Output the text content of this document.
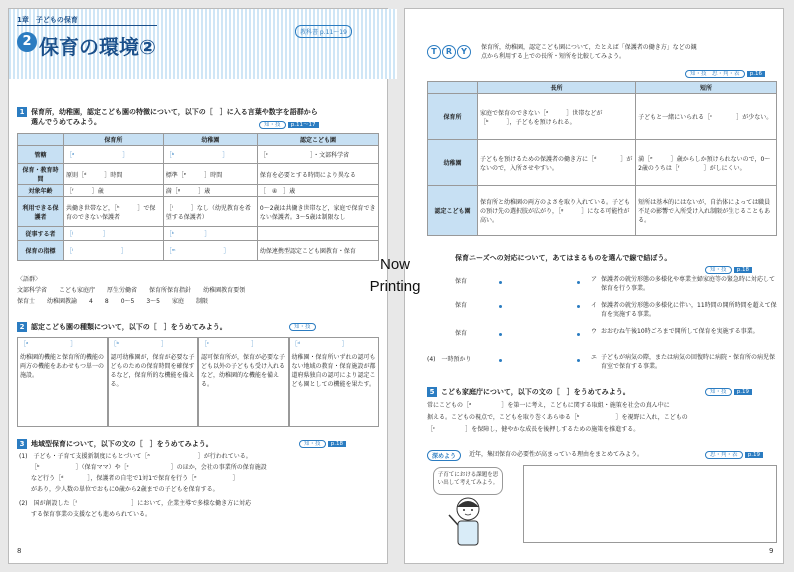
1章　子どもの保育
2 保育の環境②
教科書 p.11～19
1 保育所，幼稚園，認定こども園の特徴について，以下の［　］に入る言葉や数字を語群から
選んでうめてみよう。	知・技 p.11～17
	保育所	幼稚園	認定こども園
管轄	［ᵃ　　　　　　　　］	［ᵇ　　　　　　　　］	［ᶜ　　　　　　　］・文部科学省
保育・教育時間	原則［ᵈ　　　］時間	標準［ᵉ　　　］時間	保育を必要とする時間により異なる
対象年齢	［ᶠ　　　］歳	満［ᵍ　　　］歳	［　④　］歳
利用できる保護者	共働き世帯など，［ʰ　　　］で保育のできない保護者	［ⁱ　　　］なし（幼児教育を希望する保護者）	0～2歳は共働き世帯など，家庭で保育できない保護者。3～5歳は制限なし
従事する者	［ʲ　　　　　］	［ᵏ　　　　　］	
保育の指標	［ˡ　　　　　　　　］	［ᵐ　　　　　　　　］	幼保連携型認定こども園教育・保育
〈語群〉
文部科学省 こども家庭庁 厚生労働省 保育所保育指針 幼稚園教育要領
保育士 幼稚園教諭 4 8 0～5 3～5 家庭 制限
2 認定こども園の種類について，以下の［　］をうめてみよう。	知・技
［ᵃ　　　　　　　］
幼稚園的機能と保育所的機能の両方の機能をあわせもつ単一の施設。
［ᵇ　　　　　　　］
認可幼稚園が，保育が必要な子どものための保育時間を確保するなど，保育所的な機能を備える。
［ᶜ　　　　　　　］
認可保育所が，保育が必要な子ども以外の子どもも受け入れるなど，幼稚園的な機能を備える。
［ᵈ　　　　　　　］
幼稚園・保育所いずれの認可もない地域の教育・保育施設が都道府県独自の認可により認定こども園としての機能を果たす。
3 地域型保育について，以下の文の［　］をうめてみよう。	知・技 p.18
(1)　子ども・子育て支援新制度にもとづいて［ᵃ　　　　　　　　］が行われている。
［ᵇ　　　　　　］（保育ママ）や［ᶜ　　　　　　　］のほか，会社の事業所の保育施設
など行う［ᵈ　　　　］，保護者の自宅で1対1で保育を行う［ᵉ　　　　　　］
があり，少人数の単位でおもに0歳から2歳までの子どもを保育する。
(2)　国が創設した［ᶠ　　　　　　　　　］において，企業主導で多様な働き方に対応
する保育事業の支援なども進められている。
8
T	R	Y	保育所，幼稚園，認定こども園について，たとえば「保護者の働き方」などの観
点から利用する上での長所・短所を比較してみよう。
知・技　思・判・表 p.16
	長所	短所
保育所	家庭で保育のできない［ᵃ　　　］世帯などが［ᵇ　　　］，子どもを預けられる。	子どもと一緒にいられる［ᶜ　　　　］が少ない。
幼稚園	子どもを預けるための保護者の働き方に［ᵈ　　　　］がないので，入所させやすい。	満［ᵉ　　　］歳からしか預けられないので，0～2歳のうちは［ᶠ　　　　］がしにくい。
認定こども園	保育所と幼稚園の両方のよさを取り入れている。子どもの預け先の選択肢が広がり，［ᵍ　　　］になる可能性が高い。	短所は基本的にはないが，自治体によっては職員不足の影響で入所受け入れ制限が生じることもある。
保育ニーズへの対応について，あてはまるものを選んで線で結ぼう。
知・技 p.18
保育
保育
保育
(4)　一時預かり
ア 保護者の就労形態の多様化や専業主婦家庭等の緊急時に対応して保育を行う事業。
イ 保護者の就労形態の多様化に伴い，11時間の開所時間を超えて保育を実施する事業。
ウ おおむね午後10時ごろまで開所して保育を実施する事業。
エ 子どもが病気の際，または病気の回復時に病院・保育所の病児保育室で保育する事業。
5 こども家庭庁について，以下の文の［　］をうめてみよう。	知・技 p.19
常にこどもの［ᵃ　　　　　］を第一に考え，こどもに関する取組・施策を社会の真ん中に
据える。こどもの視点で，こどもを取り巻くあらゆる［ᵇ　　　　　　］を視野に入れ，こどもの
［ᶜ　　　　　］を保障し，健やかな成長を後押しするための施策を推進する。
深めよう	近年，集団保育の必要性が高まっている理由をまとめてみよう。	思・判・表 p.19
子育てにおける課題を思い出して考えてみよう。
9
Now
Printing
